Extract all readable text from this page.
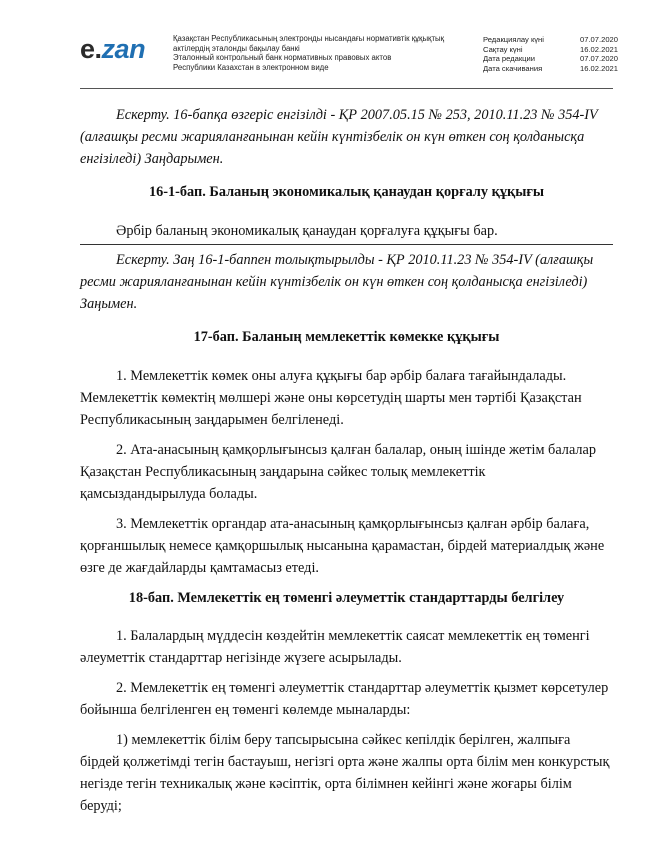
e.zan	Қазақстан Республикасының электронды нысандағы нормативтік құқықтық
актілердің эталонды бақылау банкі
Эталонный контрольный банк нормативных правовых актов
Республики Казахстан в электронном виде
Редакциялау күні	07.07.2020
Сақтау күні	16.02.2021
Дата редакции	07.07.2020
Дата скачивания	16.02.2021

Ескерту. 16-бапқа өзгеріс енгізілді - ҚР 2007.05.15 № 253, 2010.11.23 № 354-IV (алғашқы ресми жарияланғанынан кейін күнтізбелік он күн өткен соң қолданысқа енгізіледі) Заңдарымен.

16-1-бап. Баланың экономикалық қанаудан қорғалу құқығы

Әрбір баланың экономикалық қанаудан қорғалуға құқығы бар.

Ескерту. Заң 16-1-баппен толықтырылды - ҚР 2010.11.23 № 354-IV (алғашқы ресми жарияланғанынан кейін күнтізбелік он күн өткен соң қолданысқа енгізіледі) Заңымен.

17-бап. Баланың мемлекеттік көмекке құқығы

1. Мемлекеттік көмек оны алуға құқығы бар әрбір балаға тағайындалады. Мемлекеттік көмектің мөлшері және оны көрсетудің шарты мен тәртібі Қазақстан Республикасының заңдарымен белгіленеді.

2. Ата-анасының қамқорлығынсыз қалған балалар, оның ішінде жетім балалар Қазақстан Республикасының заңдарына сәйкес толық мемлекеттік қамсыздандырылуда болады.

3. Мемлекеттік органдар ата-анасының қамқорлығынсыз қалған әрбір балаға, қорғаншылық немесе қамқоршылық нысанына қарамастан, бірдей материалдық және өзге де жағдайларды қамтамасыз етеді.

18-бап. Мемлекеттік ең төменгі әлеуметтік стандарттарды белгілеу

1. Балалардың мүддесін көздейтін мемлекеттік саясат мемлекеттік ең төменгі әлеуметтік стандарттар негізінде жүзеге асырылады.

2. Мемлекеттік ең төменгі әлеуметтік стандарттар әлеуметтік қызмет көрсетулер бойынша белгіленген ең төменгі көлемде мыналарды:

1) мемлекеттік білім беру тапсырысына сәйкес кепілдік берілген, жалпыға бірдей қолжетімді тегін бастауыш, негізгі орта және жалпы орта білім мен конкурстық негізде тегін техникалық және кәсіптік, орта білімнен кейінгі және жоғары білім беруді;
